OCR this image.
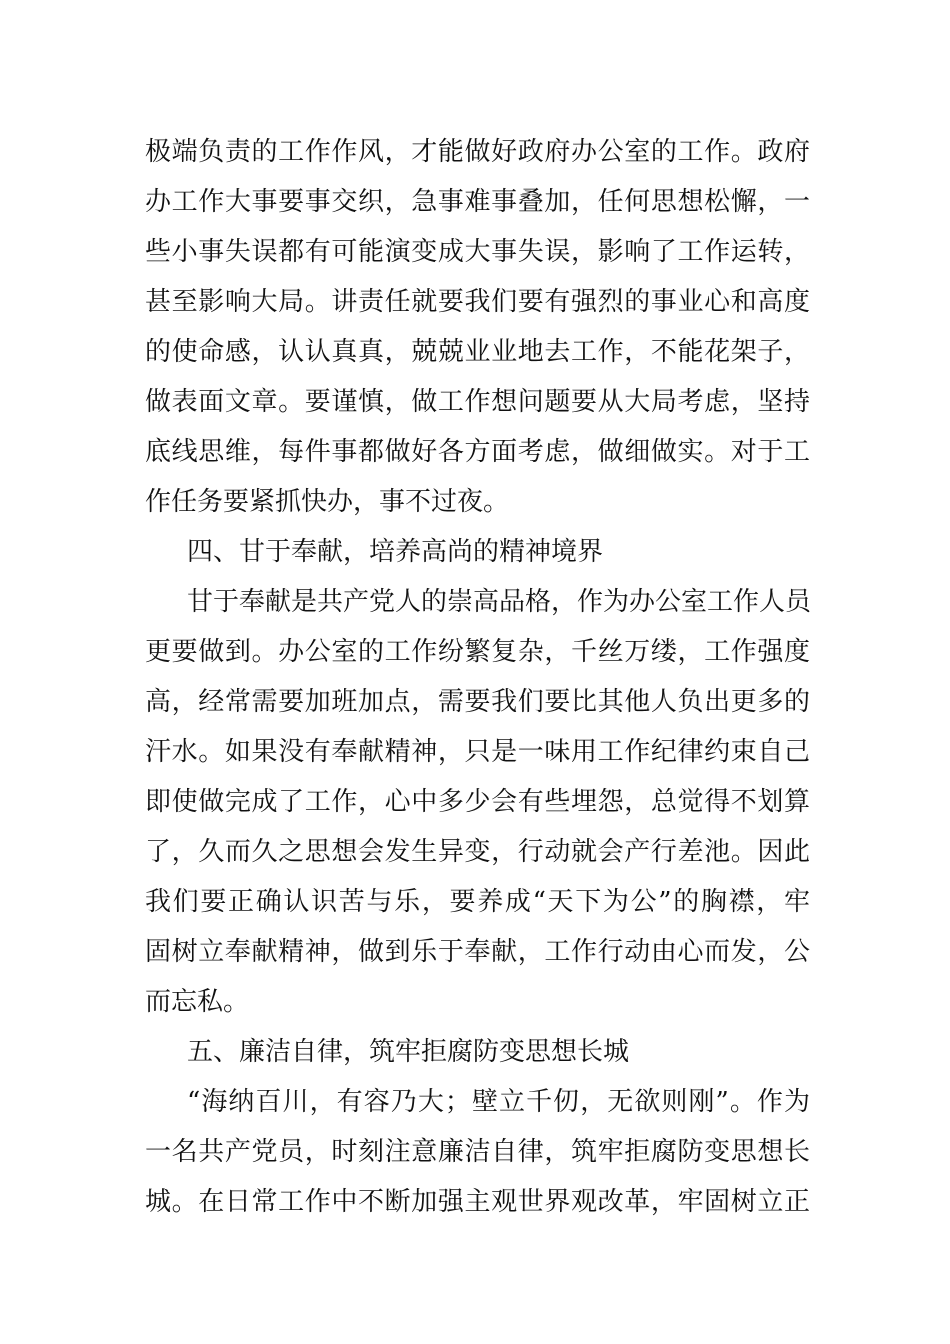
极端负责的工作作风，才能做好政府办公室的工作。政府
办工作大事要事交织，急事难事叠加，任何思想松懈，一
些小事失误都有可能演变成大事失误，影响了工作运转，
甚至影响大局。讲责任就要我们要有强烈的事业心和高度
的使命感，认认真真，兢兢业业地去工作，不能花架子，
做表面文章。要谨慎，做工作想问题要从大局考虑，坚持
底线思维，每件事都做好各方面考虑，做细做实。对于工
作任务要紧抓快办，事不过夜。
四、甘于奉献，培养高尚的精神境界
甘于奉献是共产党人的崇高品格，作为办公室工作人员
更要做到。办公室的工作纷繁复杂，千丝万缕，工作强度
高，经常需要加班加点，需要我们要比其他人负出更多的
汗水。如果没有奉献精神，只是一味用工作纪律约束自己
即使做完成了工作，心中多少会有些埋怨，总觉得不划算
了，久而久之思想会发生异变，行动就会产行差池。因此
我们要正确认识苦与乐，要养成“天下为公”的胸襟，牢
固树立奉献精神，做到乐于奉献，工作行动由心而发，公
而忘私。
五、廉洁自律，筑牢拒腐防变思想长城
“海纳百川，有容乃大；壁立千仞，无欲则刚”。作为
一名共产党员，时刻注意廉洁自律，筑牢拒腐防变思想长
城。在日常工作中不断加强主观世界观改革，牢固树立正
